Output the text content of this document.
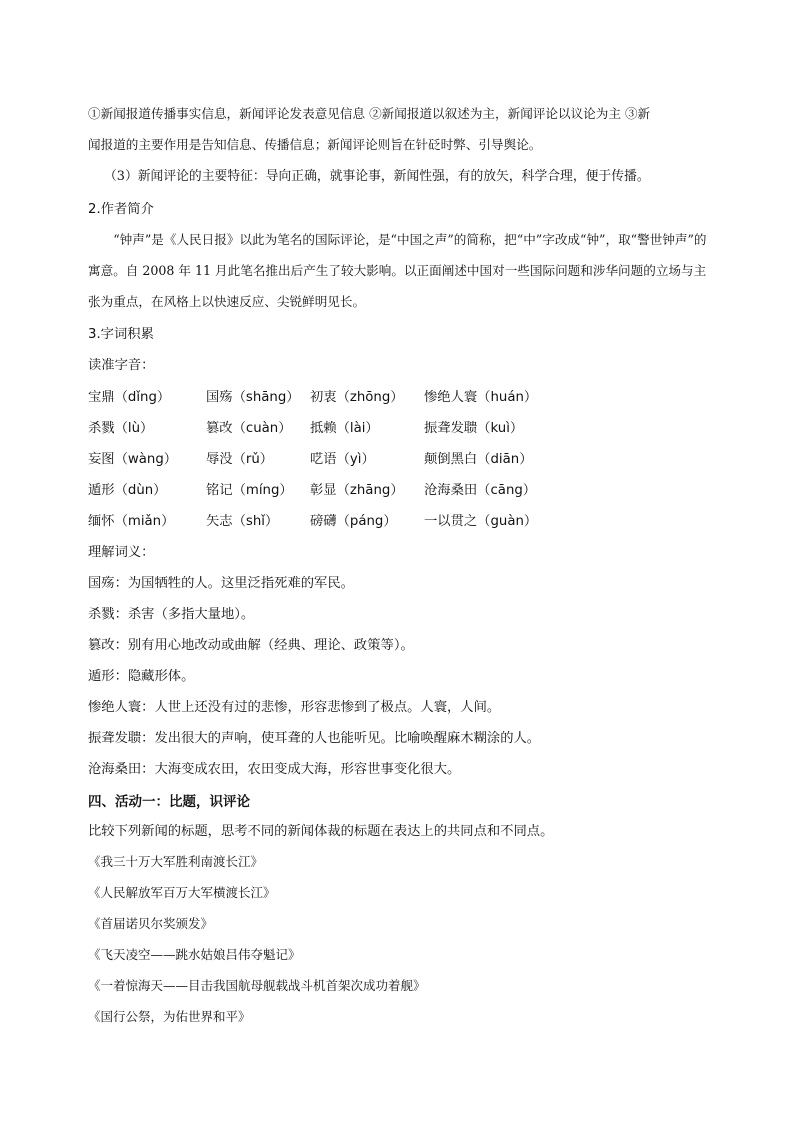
①新闻报道传播事实信息，新闻评论发表意见信息 ②新闻报道以叙述为主，新闻评论以议论为主 ③新
闻报道的主要作用是告知信息、传播信息；新闻评论则旨在针砭时弊、引导舆论。
（3）新闻评论的主要特征：导向正确，就事论事，新闻性强，有的放矢，科学合理，便于传播。
2.作者简介
“钟声”是《人民日报》以此为笔名的国际评论，是“中国之声”的简称，把“中”字改成“钟”，取“警世钟声”的寓意。自 2008 年 11 月此笔名推出后产生了较大影响。以正面阐述中国对一些国际问题和涉华问题的立场与主张为重点，在风格上以快速反应、尖锐鲜明见长。
3.字词积累
读准字音：
宝鼎（dǐng）	国殇（shāng） 初衷（zhōng） 惨绝人寰（huán）
杀戮（lù）	篡改（cuàn） 抵赖（lài）	振聋发聩（kuì）
妄图（wàng） 辱没（rǔ）	呓语（yì）	颠倒黑白（diān）
遁形（dùn）	铭记（míng） 彰显（zhāng） 沧海桑田（cāng）
缅怀（miǎn） 矢志（shǐ） 磅礴（páng） 一以贯之（guàn）
理解词义：
国殇：为国牺牲的人。这里泛指死难的军民。
杀戮：杀害（多指大量地）。
篡改：别有用心地改动或曲解（经典、理论、政策等）。
遁形：隐藏形体。
惨绝人寰：人世上还没有过的悲惨，形容悲惨到了极点。人寰，人间。
振聋发聩：发出很大的声响，使耳聋的人也能听见。比喻唤醒麻木糊涂的人。
沧海桑田：大海变成农田，农田变成大海，形容世事变化很大。
四、活动一：比题，识评论
比较下列新闻的标题，思考不同的新闻体裁的标题在表达上的共同点和不同点。
《我三十万大军胜利南渡长江》
《人民解放军百万大军横渡长江》
《首届诺贝尔奖颁发》
《飞天凌空——跳水姑娘吕伟夺魁记》
《一着惊海天——目击我国航母舰载战斗机首架次成功着舰》
《国行公祭，为佑世界和平》
